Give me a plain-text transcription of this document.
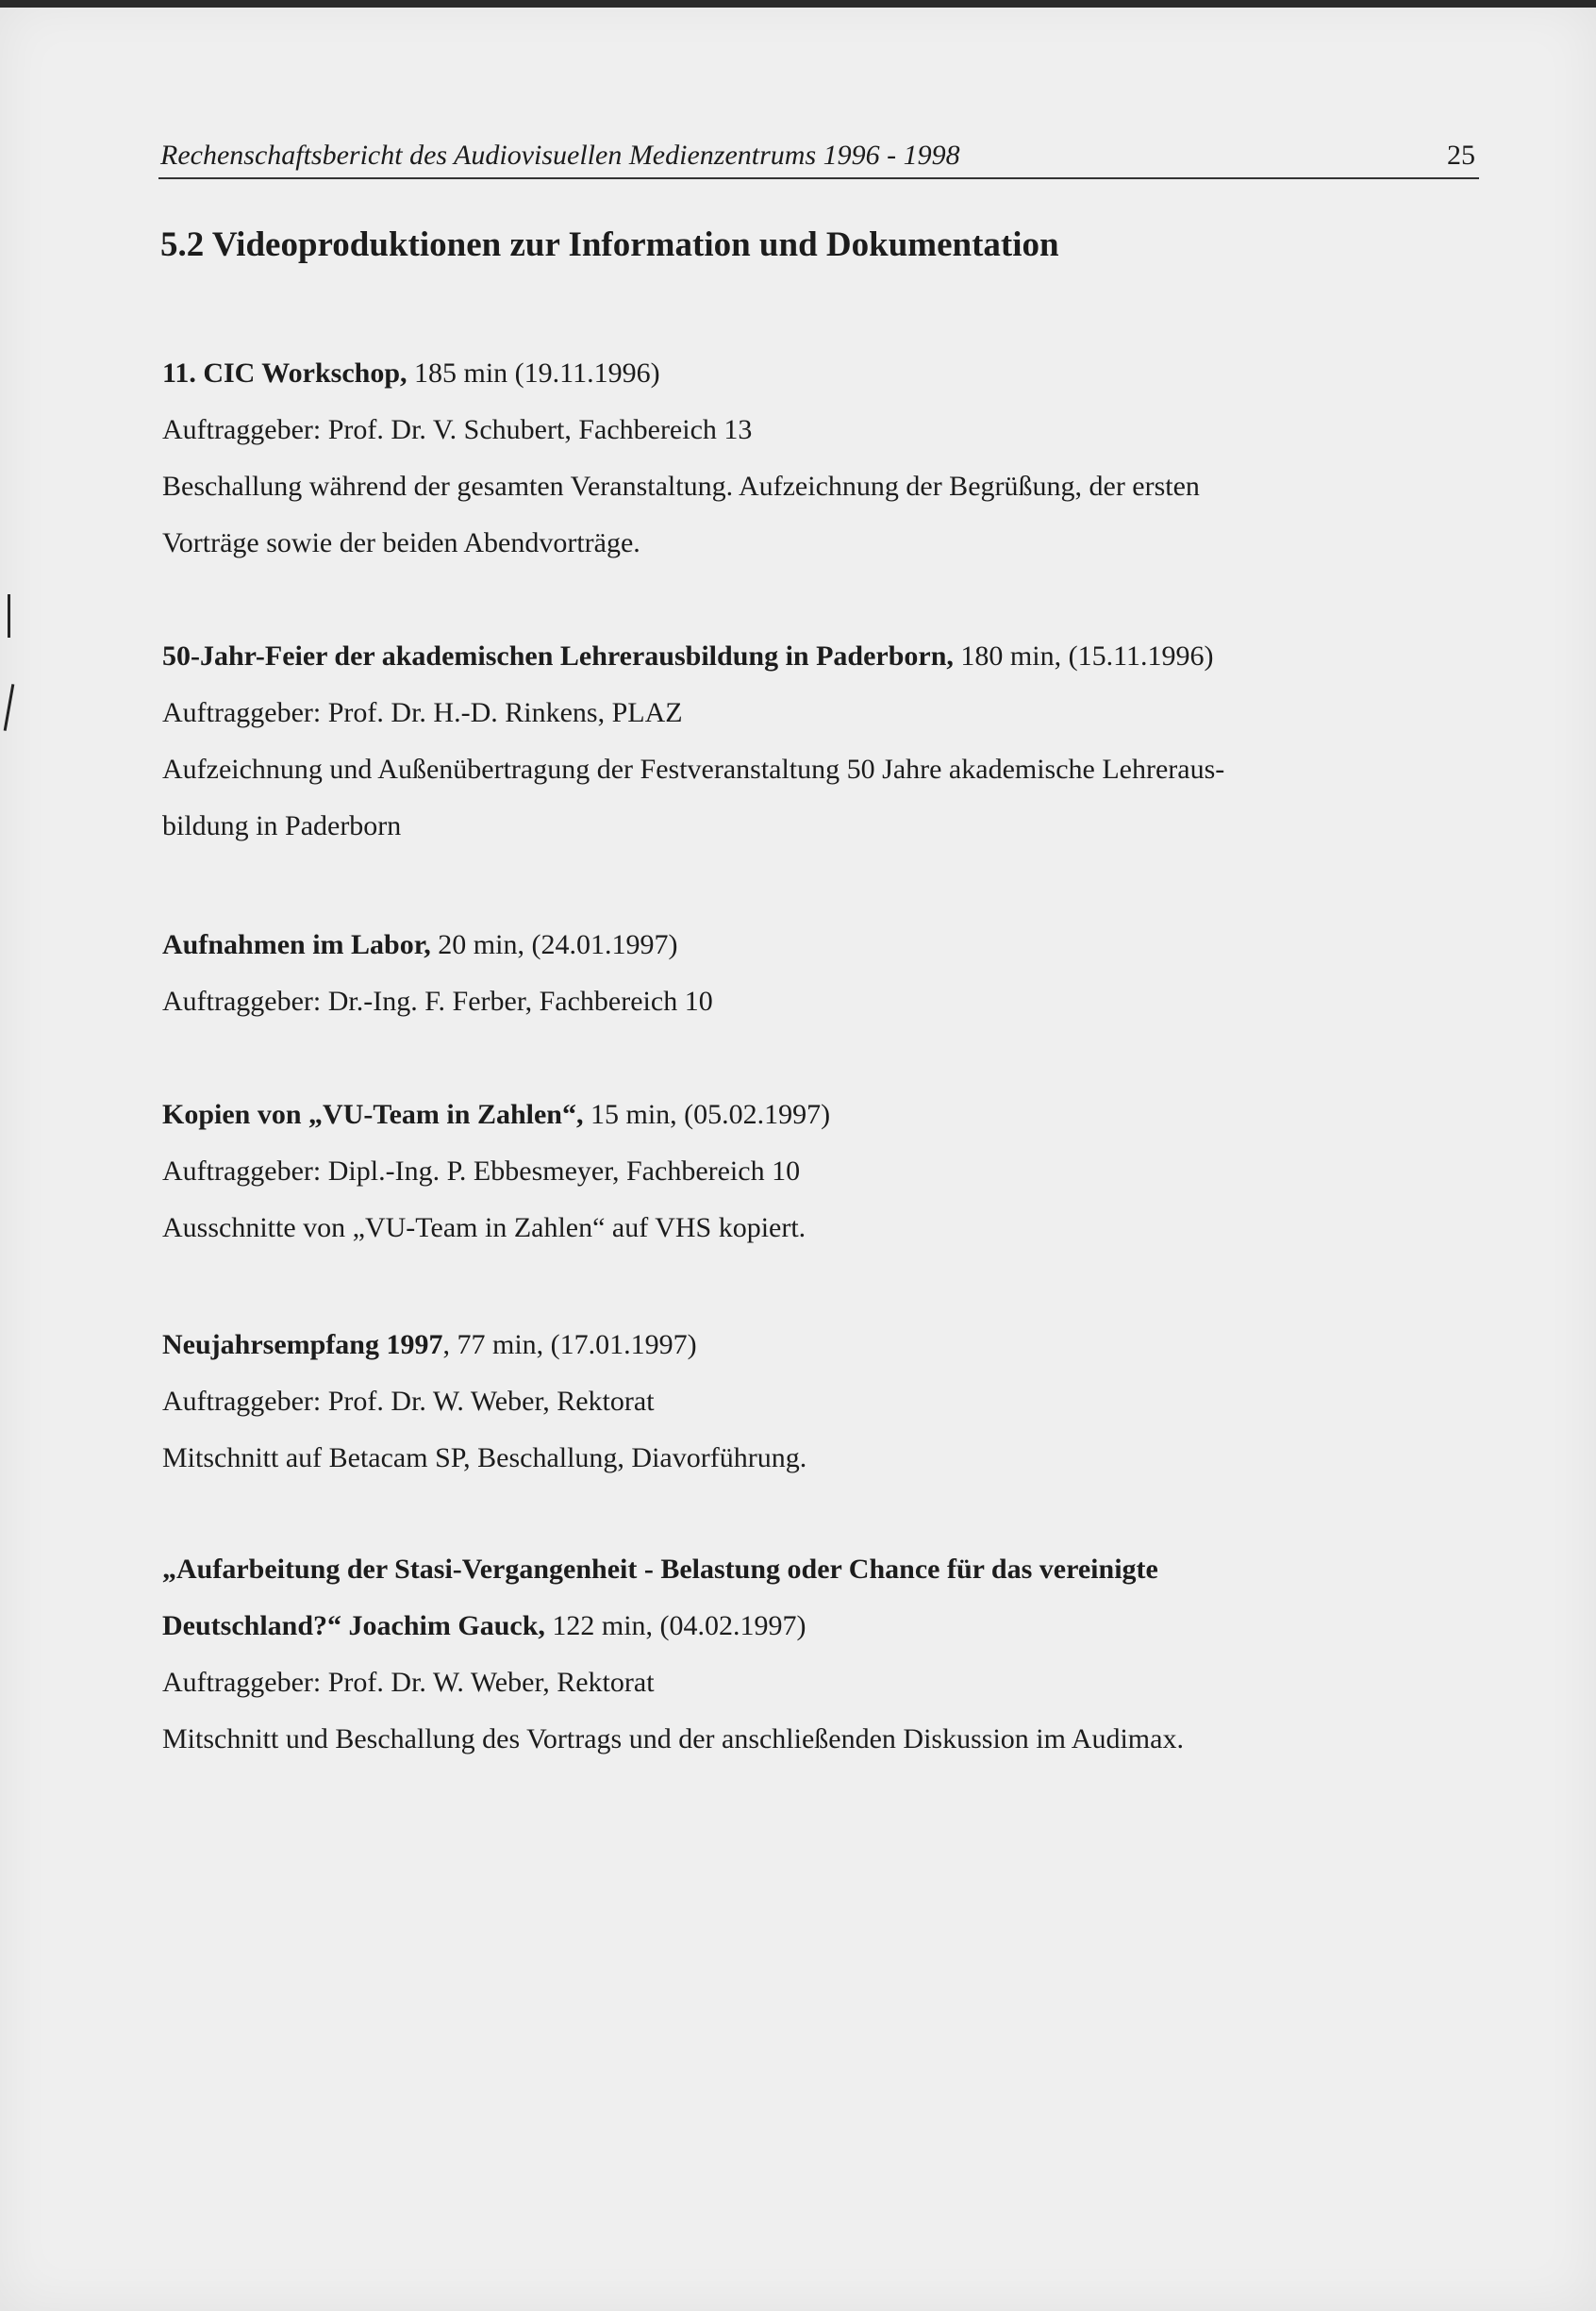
Rechenschaftsbericht des Audiovisuellen Medienzentrums 1996 - 1998	25
5.2 Videoproduktionen zur Information und Dokumentation
11. CIC Workschop, 185 min (19.11.1996)
Auftraggeber: Prof. Dr. V. Schubert, Fachbereich 13
Beschallung während der gesamten Veranstaltung. Aufzeichnung der Begrüßung, der ersten
Vorträge sowie der beiden Abendvorträge.
50-Jahr-Feier der akademischen Lehrerausbildung in Paderborn, 180 min, (15.11.1996)
Auftraggeber: Prof. Dr. H.-D. Rinkens, PLAZ
Aufzeichnung und Außenübertragung der Festveranstaltung 50 Jahre akademische Lehreraus-
bildung in Paderborn
Aufnahmen im Labor, 20 min, (24.01.1997)
Auftraggeber: Dr.-Ing. F. Ferber, Fachbereich 10
Kopien von „VU-Team in Zahlen“, 15 min, (05.02.1997)
Auftraggeber: Dipl.-Ing. P. Ebbesmeyer, Fachbereich 10
Ausschnitte von „VU-Team in Zahlen“ auf VHS kopiert.
Neujahrsempfang 1997, 77 min, (17.01.1997)
Auftraggeber: Prof. Dr. W. Weber, Rektorat
Mitschnitt auf Betacam SP, Beschallung, Diavorführung.
„Aufarbeitung der Stasi-Vergangenheit - Belastung oder Chance für das vereinigte
Deutschland?“ Joachim Gauck, 122 min, (04.02.1997)
Auftraggeber: Prof. Dr. W. Weber, Rektorat
Mitschnitt und Beschallung des Vortrags und der anschließenden Diskussion im Audimax.
